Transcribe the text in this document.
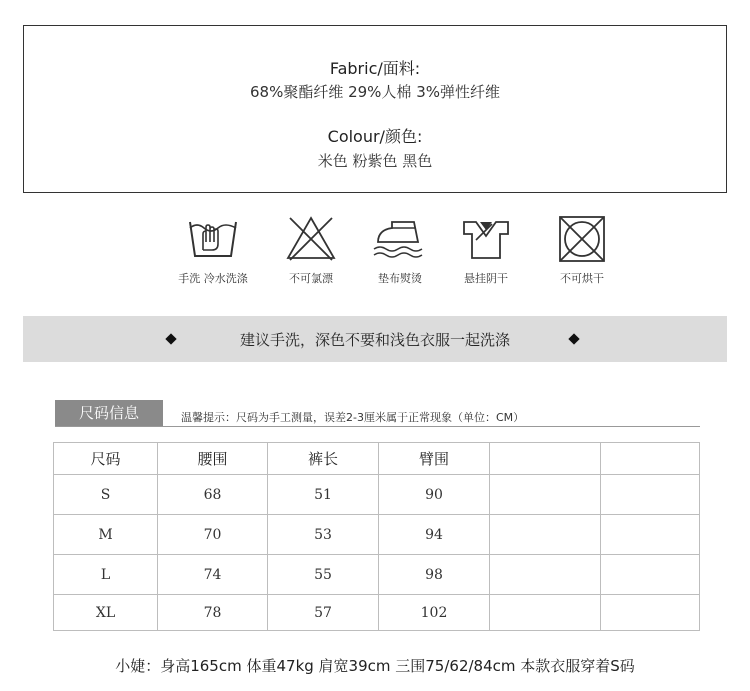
Fabric/面料:
68%聚酯纤维 29%人棉 3%弹性纤维
Colour/颜色:
米色 粉紫色 黑色
手洗 冷水洗涤	不可氯漂	垫布熨烫	悬挂阴干	不可烘干
建议手洗，深色不要和浅色衣服一起洗涤
尺码信息	温馨提示：尺码为手工测量，误差2-3厘米属于正常现象（单位：CM）
尺码	腰围	裤长	臂围		
S	68	51	90		
M	70	53	94		
L	74	55	98		
XL	78	57	102		
小婕：身高165cm 体重47kg 肩宽39cm 三围75/62/84cm 本款衣服穿着S码
